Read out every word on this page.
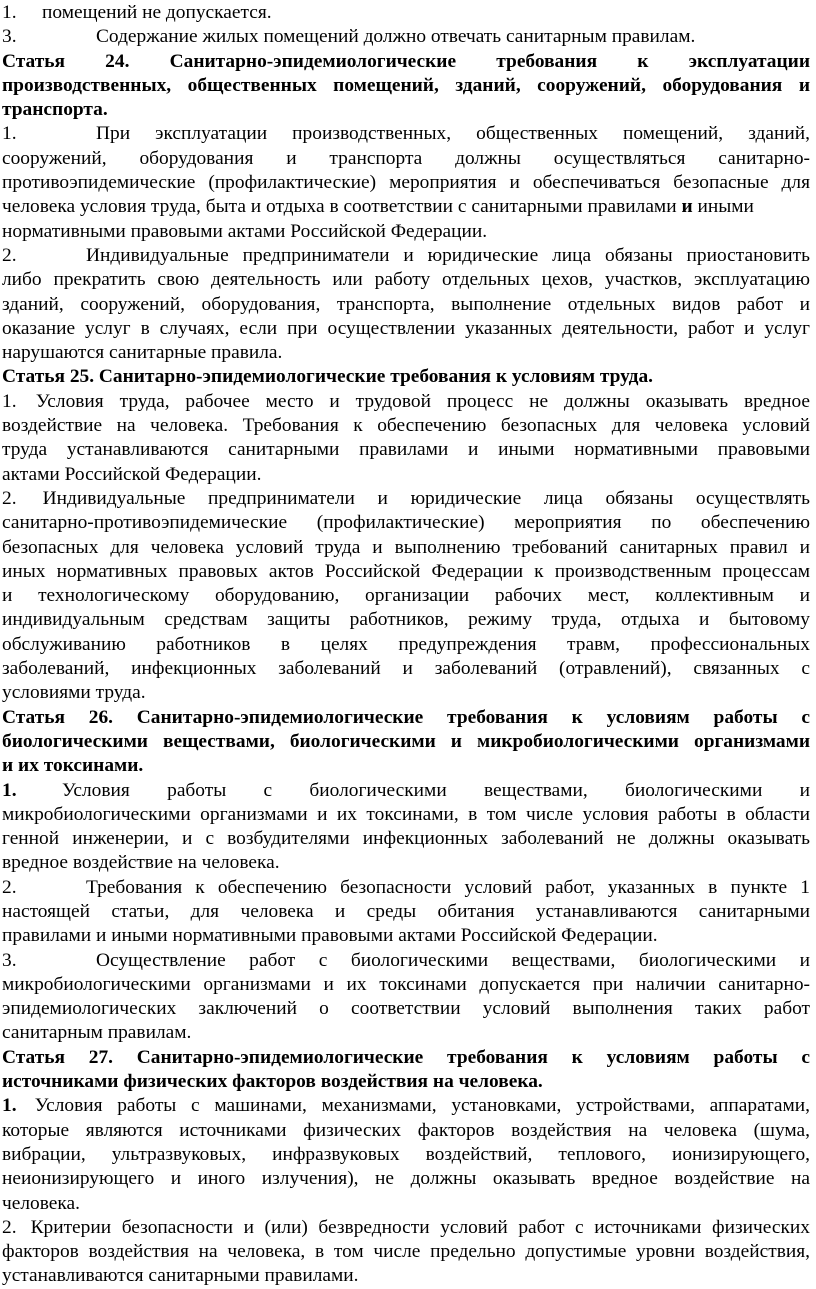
1. помещений не допускается.
3.	Содержание жилых помещений должно отвечать санитарным правилам.
Статья 24. Санитарно-эпидемиологические требования к эксплуатации
производственных, общественных помещений, зданий, сооружений, оборудования и
транспорта.
1.	При эксплуатации производственных, общественных помещений, зданий,
сооружений, оборудования и транспорта должны осуществляться санитарно-
противоэпидемические (профилактические) мероприятия и обеспечиваться безопасные для
человека условия труда, быта и отдыха в соответствии с санитарными правилами и иными
нормативными правовыми актами Российской Федерации.
2.	Индивидуальные предприниматели и юридические лица обязаны приостановить
либо прекратить свою деятельность или работу отдельных цехов, участков, эксплуатацию
зданий, сооружений, оборудования, транспорта, выполнение отдельных видов работ и
оказание услуг в случаях, если при осуществлении указанных деятельности, работ и услуг
нарушаются санитарные правила.
Статья 25. Санитарно-эпидемиологические требования к условиям труда.
1. Условия труда, рабочее место и трудовой процесс не должны оказывать вредное
воздействие на человека. Требования к обеспечению безопасных для человека условий
труда устанавливаются санитарными правилами и иными нормативными правовыми
актами Российской Федерации.
2. Индивидуальные предприниматели и юридические лица обязаны осуществлять
санитарно-противоэпидемические (профилактические) мероприятия по обеспечению
безопасных для человека условий труда и выполнению требований санитарных правил и
иных нормативных правовых актов Российской Федерации к производственным процессам
и технологическому оборудованию, организации рабочих мест, коллективным и
индивидуальным средствам защиты работников, режиму труда, отдыха и бытовому
обслуживанию работников в целях предупреждения травм, профессиональных
заболеваний, инфекционных заболеваний и заболеваний (отравлений), связанных с
условиями труда.
Статья 26. Санитарно-эпидемиологические требования к условиям работы с
биологическими веществами, биологическими и микробиологическими организмами
и их токсинами.
1. Условия работы с биологическими веществами, биологическими и
микробиологическими организмами и их токсинами, в том числе условия работы в области
генной инженерии, и с возбудителями инфекционных заболеваний не должны оказывать
вредное воздействие на человека.
2.	Требования к обеспечению безопасности условий работ, указанных в пункте 1
настоящей статьи, для человека и среды обитания устанавливаются санитарными
правилами и иными нормативными правовыми актами Российской Федерации.
3.	Осуществление работ с биологическими веществами, биологическими и
микробиологическими организмами и их токсинами допускается при наличии санитарно-
эпидемиологических заключений о соответствии условий выполнения таких работ
санитарным правилам.
Статья 27. Санитарно-эпидемиологические требования к условиям работы с
источниками физических факторов воздействия на человека.
1. Условия работы с машинами, механизмами, установками, устройствами, аппаратами,
которые являются источниками физических факторов воздействия на человека (шума,
вибрации, ультразвуковых, инфразвуковых воздействий, теплового, ионизирующего,
неионизирующего и иного излучения), не должны оказывать вредное воздействие на
человека.
2. Критерии безопасности и (или) безвредности условий работ с источниками физических
факторов воздействия на человека, в том числе предельно допустимые уровни воздействия,
устанавливаются санитарными правилами.
